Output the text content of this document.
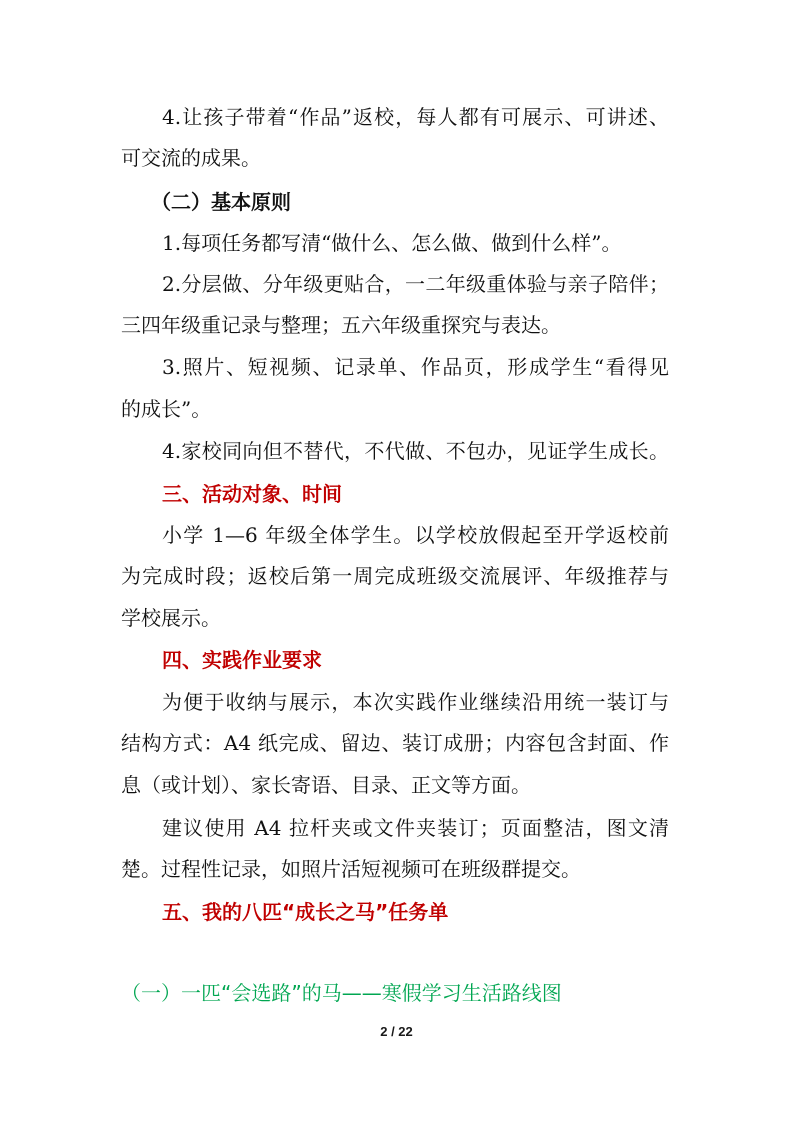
4.让孩子带着“作品”返校，每人都有可展示、可讲述、
可交流的成果。
（二）基本原则
1.每项任务都写清“做什么、怎么做、做到什么样”。
2.分层做、分年级更贴合，一二年级重体验与亲子陪伴；
三四年级重记录与整理；五六年级重探究与表达。
3.照片、短视频、记录单、作品页，形成学生“看得见
的成长”。
4.家校同向但不替代，不代做、不包办，见证学生成长。
三、活动对象、时间
小学 1—6 年级全体学生。以学校放假起至开学返校前
为完成时段；返校后第一周完成班级交流展评、年级推荐与
学校展示。
四、实践作业要求
为便于收纳与展示，本次实践作业继续沿用统一装订与
结构方式：A4 纸完成、留边、装订成册；内容包含封面、作
息（或计划）、家长寄语、目录、正文等方面。
建议使用 A4 拉杆夹或文件夹装订；页面整洁，图文清
楚。过程性记录，如照片活短视频可在班级群提交。
五、我的八匹“成长之马”任务单
（一）一匹“会选路”的马——寒假学习生活路线图
2 / 22
